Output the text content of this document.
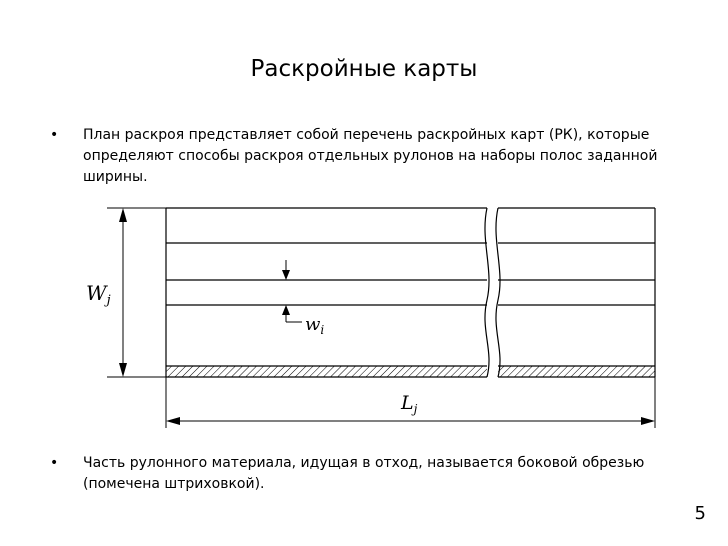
Раскройные карты
• План раскроя представляет собой перечень раскройных карт (РК), которые определяют способы раскроя отдельных рулонов на наборы полос заданной ширины.
$W_j$
$w_i$
$L_j$
• Часть рулонного материала, идущая в отход, называется боковой обрезью (помечена штриховкой).
5
